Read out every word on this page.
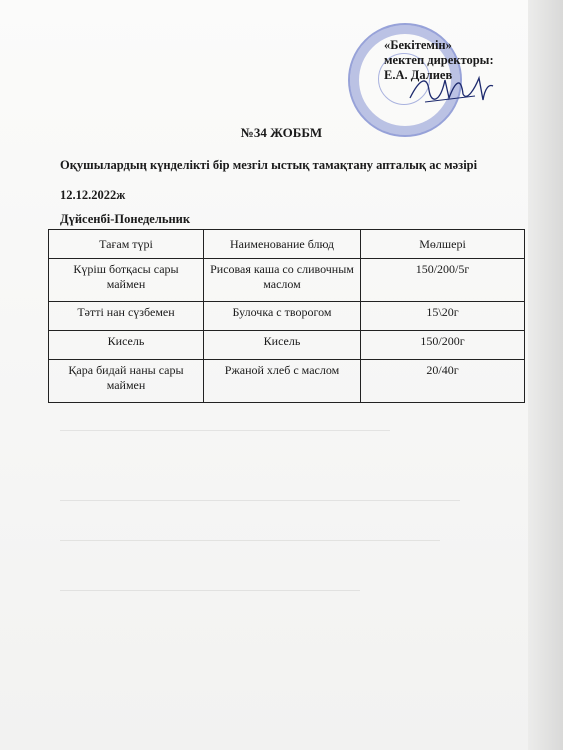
«Бекітемін»
мектеп директоры:
Е.А. Далиев
№34 ЖОББМ
Оқушылардың күнделікті бір мезгіл ыстық тамақтану апталық ас мәзірі
12.12.2022ж
Дүйсенбі-Понедельник
Тағам түрі	Наименование блюд	Мөлшері
Күріш ботқасы сары маймен	Рисовая каша со сливочным маслом	150/200/5г
Тәтті нан сүзбемен	Булочка с творогом	15\20г
Кисель	Кисель	150/200г
Қара бидай наны сары маймен	Ржаной хлеб с маслом	20/40г
